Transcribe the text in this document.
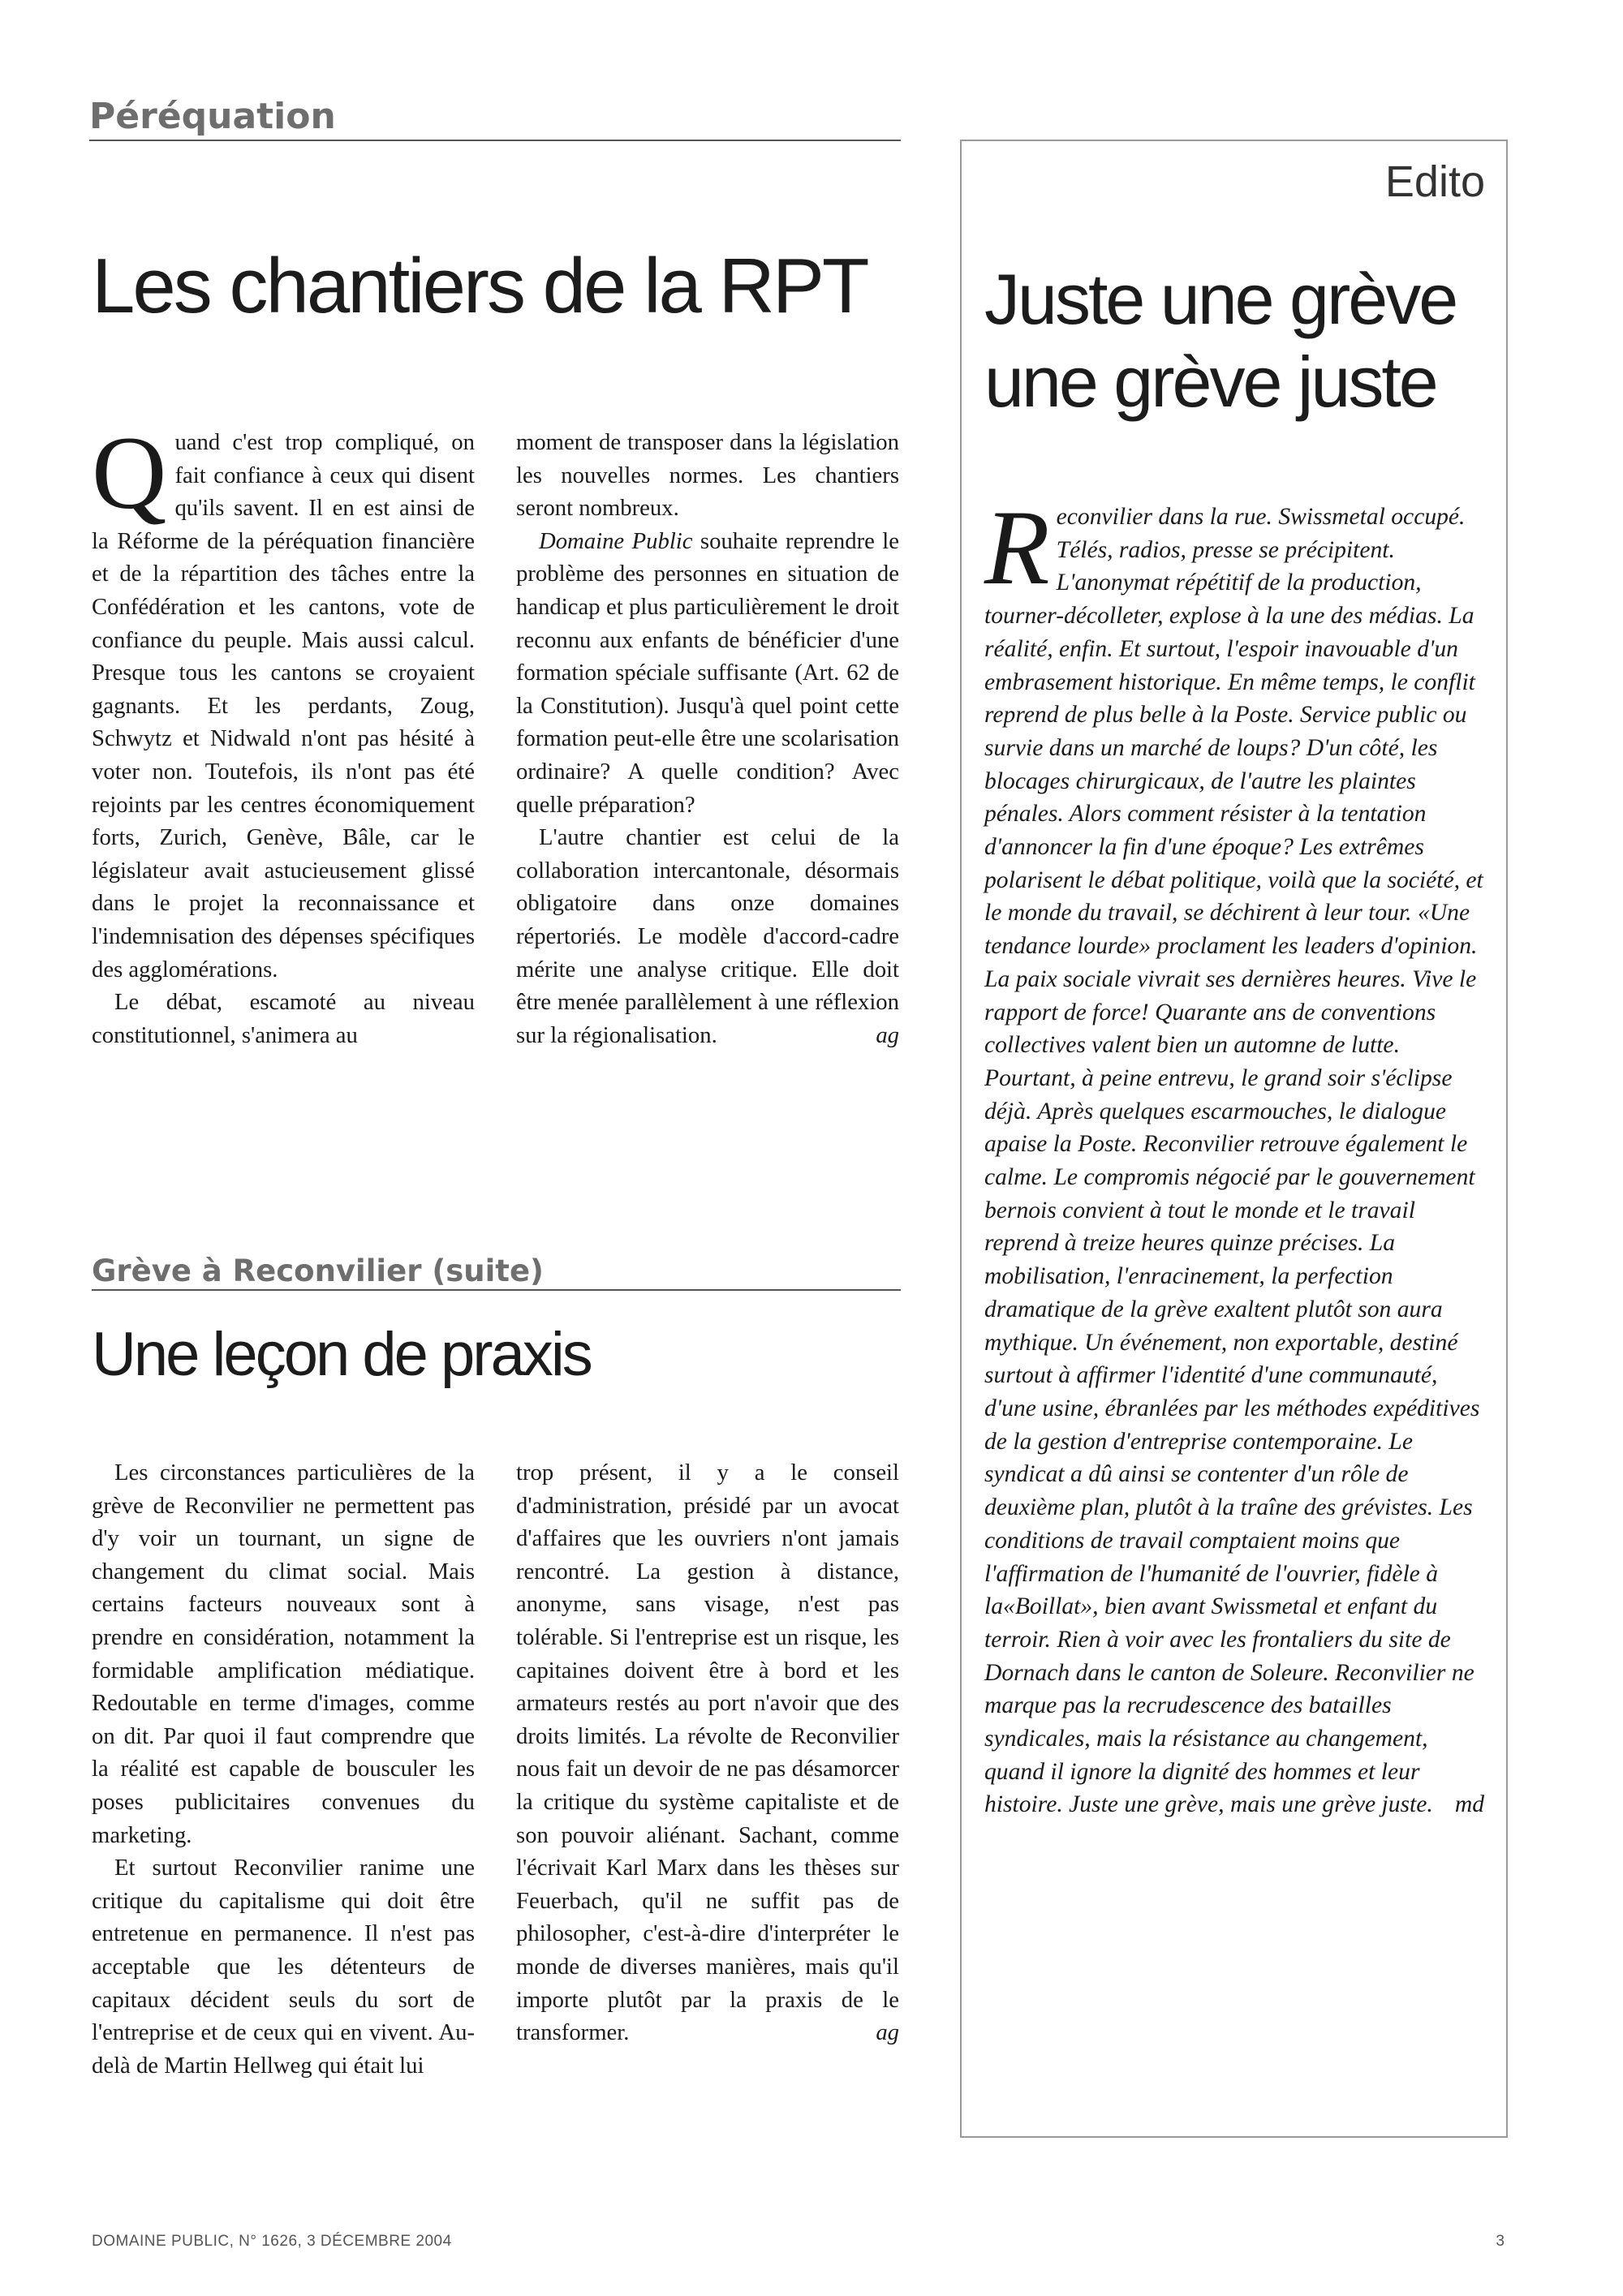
Péréquation
Les chantiers de la RPT

Quand c'est trop compliqué, on fait confiance à ceux qui disent qu'ils savent. Il en est ainsi de la Réforme de la péréquation financière et de la répartition des tâches entre la Confédération et les cantons, vote de confiance du peuple. Mais aussi calcul. Presque tous les cantons se croyaient gagnants. Et les perdants, Zoug, Schwytz et Nidwald n'ont pas hésité à voter non. Toutefois, ils n'ont pas été rejoints par les centres économiquement forts, Zurich, Genève, Bâle, car le législateur avait astucieusement glissé dans le projet la reconnaissance et l'indemnisation des dépenses spécifiques des agglomérations.

Le débat, escamoté au niveau constitutionnel, s'animera au

moment de transposer dans la législation les nouvelles normes. Les chantiers seront nombreux.

Domaine Public souhaite reprendre le problème des personnes en situation de handicap et plus particulièrement le droit reconnu aux enfants de bénéficier d'une formation spéciale suffisante (Art. 62 de la Constitution). Jusqu'à quel point cette formation peut-elle être une scolarisation ordinaire? A quelle condition? Avec quelle préparation?

L'autre chantier est celui de la collaboration intercantonale, désormais obligatoire dans onze domaines répertoriés. Le modèle d'accord-cadre mérite une analyse critique. Elle doit être menée parallèlement à une réflexion sur la régionalisation.	ag

Grève à Reconvilier (suite)
Une leçon de praxis

Les circonstances particulières de la grève de Reconvilier ne permettent pas d'y voir un tournant, un signe de changement du climat social. Mais certains facteurs nouveaux sont à prendre en considération, notamment la formidable amplification médiatique. Redoutable en terme d'images, comme on dit. Par quoi il faut comprendre que la réalité est capable de bousculer les poses publicitaires convenues du marketing.

Et surtout Reconvilier ranime une critique du capitalisme qui doit être entretenue en permanence. Il n'est pas acceptable que les détenteurs de capitaux décident seuls du sort de l'entreprise et de ceux qui en vivent. Au-delà de Martin Hellweg qui était lui

trop présent, il y a le conseil d'administration, présidé par un avocat d'affaires que les ouvriers n'ont jamais rencontré. La gestion à distance, anonyme, sans visage, n'est pas tolérable. Si l'entreprise est un risque, les capitaines doivent être à bord et les armateurs restés au port n'avoir que des droits limités. La révolte de Reconvilier nous fait un devoir de ne pas désamorcer la critique du système capitaliste et de son pouvoir aliénant. Sachant, comme l'écrivait Karl Marx dans les thèses sur Feuerbach, qu'il ne suffit pas de philosopher, c'est-à-dire d'interpréter le monde de diverses manières, mais qu'il importe plutôt par la praxis de le transformer.	ag

Edito
Juste une grève
une grève juste

Reconvilier dans la rue. Swissmetal occupé. Télés, radios, presse se précipitent. L'anonymat répétitif de la production, tourner-décolleter, explose à la une des médias. La réalité, enfin. Et surtout, l'espoir inavouable d'un embrasement historique. En même temps, le conflit reprend de plus belle à la Poste. Service public ou survie dans un marché de loups? D'un côté, les blocages chirurgicaux, de l'autre les plaintes pénales. Alors comment résister à la tentation d'annoncer la fin d'une époque? Les extrêmes polarisent le débat politique, voilà que la société, et le monde du travail, se déchirent à leur tour. «Une tendance lourde» proclament les leaders d'opinion. La paix sociale vivrait ses dernières heures. Vive le rapport de force! Quarante ans de conventions collectives valent bien un automne de lutte.

Pourtant, à peine entrevu, le grand soir s'éclipse déjà. Après quelques escarmouches, le dialogue apaise la Poste. Reconvilier retrouve également le calme. Le compromis négocié par le gouvernement bernois convient à tout le monde et le travail reprend à treize heures quinze précises. La mobilisation, l'enracinement, la perfection dramatique de la grève exaltent plutôt son aura mythique. Un événement, non exportable, destiné surtout à affirmer l'identité d'une communauté, d'une usine, ébranlées par les méthodes expéditives de la gestion d'entreprise contemporaine. Le syndicat a dû ainsi se contenter d'un rôle de deuxième plan, plutôt à la traîne des grévistes. Les conditions de travail comptaient moins que l'affirmation de l'humanité de l'ouvrier, fidèle à la«Boillat», bien avant Swissmetal et enfant du terroir. Rien à voir avec les frontaliers du site de Dornach dans le canton de Soleure. Reconvilier ne marque pas la recrudescence des batailles syndicales, mais la résistance au changement, quand il ignore la dignité des hommes et leur histoire. Juste une grève, mais une grève juste. md

DOMAINE PUBLIC, N° 1626, 3 DÉCEMBRE 2004	3
